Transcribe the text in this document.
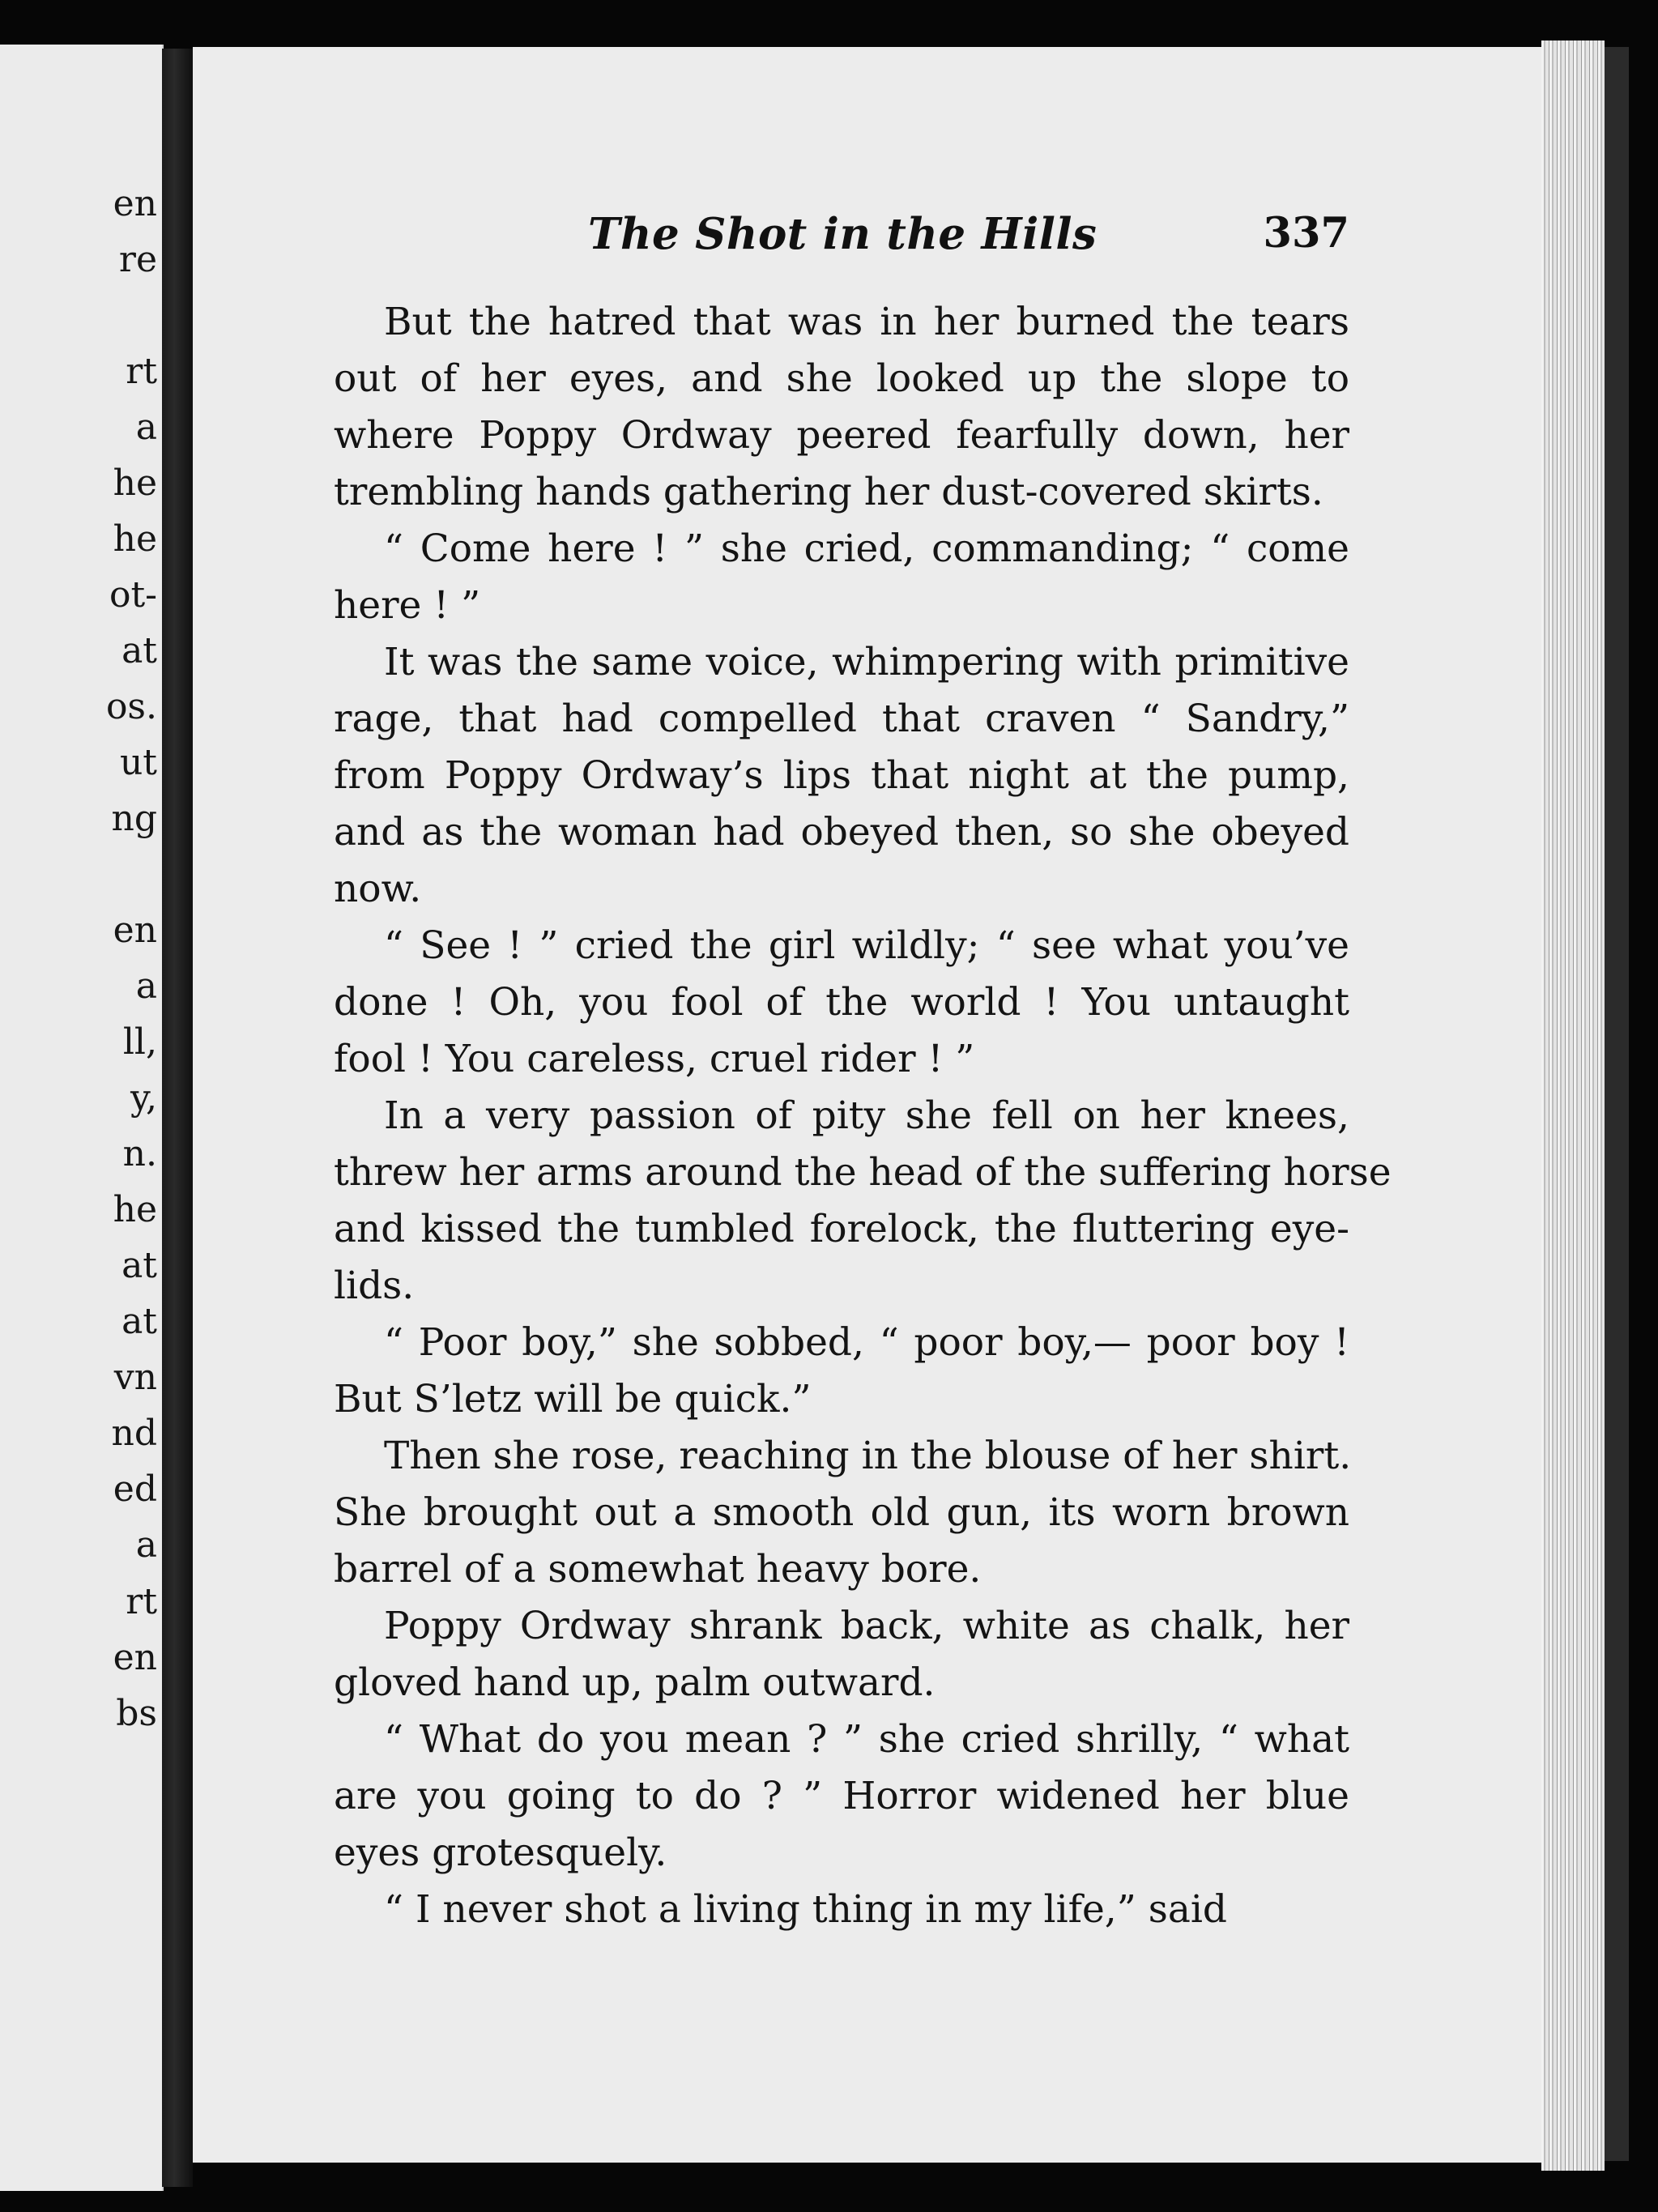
en
re
rt
a
he
he
ot-
at
os.
ut
ng
en
a
ll,
y,
n.
he
at
at
vn
nd
ed
a
rt
en
bs
The Shot in the Hills	337
But the hatred that was in her burned the tears
out of her eyes, and she looked up the slope to
where Poppy Ordway peered fearfully down, her
trembling hands gathering her dust-covered skirts.
“ Come here ! ” she cried, commanding; “ come
here ! ”
It was the same voice, whimpering with primitive
rage, that had compelled that craven “ Sandry,”
from Poppy Ordway’s lips that night at the pump,
and as the woman had obeyed then, so she obeyed
now.
“ See ! ” cried the girl wildly; “ see what you’ve
done ! Oh, you fool of the world ! You untaught
fool ! You careless, cruel rider ! ”
In a very passion of pity she fell on her knees,
threw her arms around the head of the suffering horse
and kissed the tumbled forelock, the fluttering eye-
lids.
“ Poor boy,” she sobbed, “ poor boy,— poor boy !
But S’letz will be quick.”
Then she rose, reaching in the blouse of her shirt.
She brought out a smooth old gun, its worn brown
barrel of a somewhat heavy bore.
Poppy Ordway shrank back, white as chalk, her
gloved hand up, palm outward.
“ What do you mean ? ” she cried shrilly, “ what
are you going to do ? ” Horror widened her blue
eyes grotesquely.
“ I never shot a living thing in my life,” said
